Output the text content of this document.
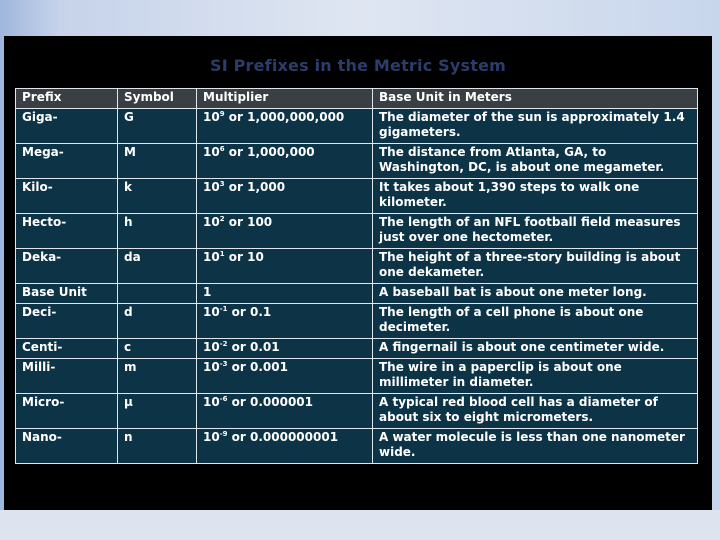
SI Prefixes in the Metric System
Prefix	Symbol	Multiplier	Base Unit in Meters
Giga-	G	$10^9$ or 1,000,000,000	The diameter of the sun is approximately 1.4 gigameters.
Mega-	M	$10^6$ or 1,000,000	The distance from Atlanta, GA, to Washington, DC, is about one megameter.
Kilo-	k	$10^3$ or 1,000	It takes about 1,390 steps to walk one kilometer.
Hecto-	h	$10^2$ or 100	The length of an NFL football field measures just over one hectometer.
Deka-	da	$10^1$ or 10	The height of a three-story building is about one dekameter.
Base Unit		1	A baseball bat is about one meter long.
Deci-	d	$10^{-1}$ or 0.1	The length of a cell phone is about one decimeter.
Centi-	c	$10^{-2}$ or 0.01	A fingernail is about one centimeter wide.
Milli-	m	$10^{-3}$ or 0.001	The wire in a paperclip is about one millimeter in diameter.
Micro-	µ	$10^{-6}$ or 0.000001	A typical red blood cell has a diameter of about six to eight micrometers.
Nano-	n	$10^{-9}$ or 0.000000001	A water molecule is less than one nanometer wide.
